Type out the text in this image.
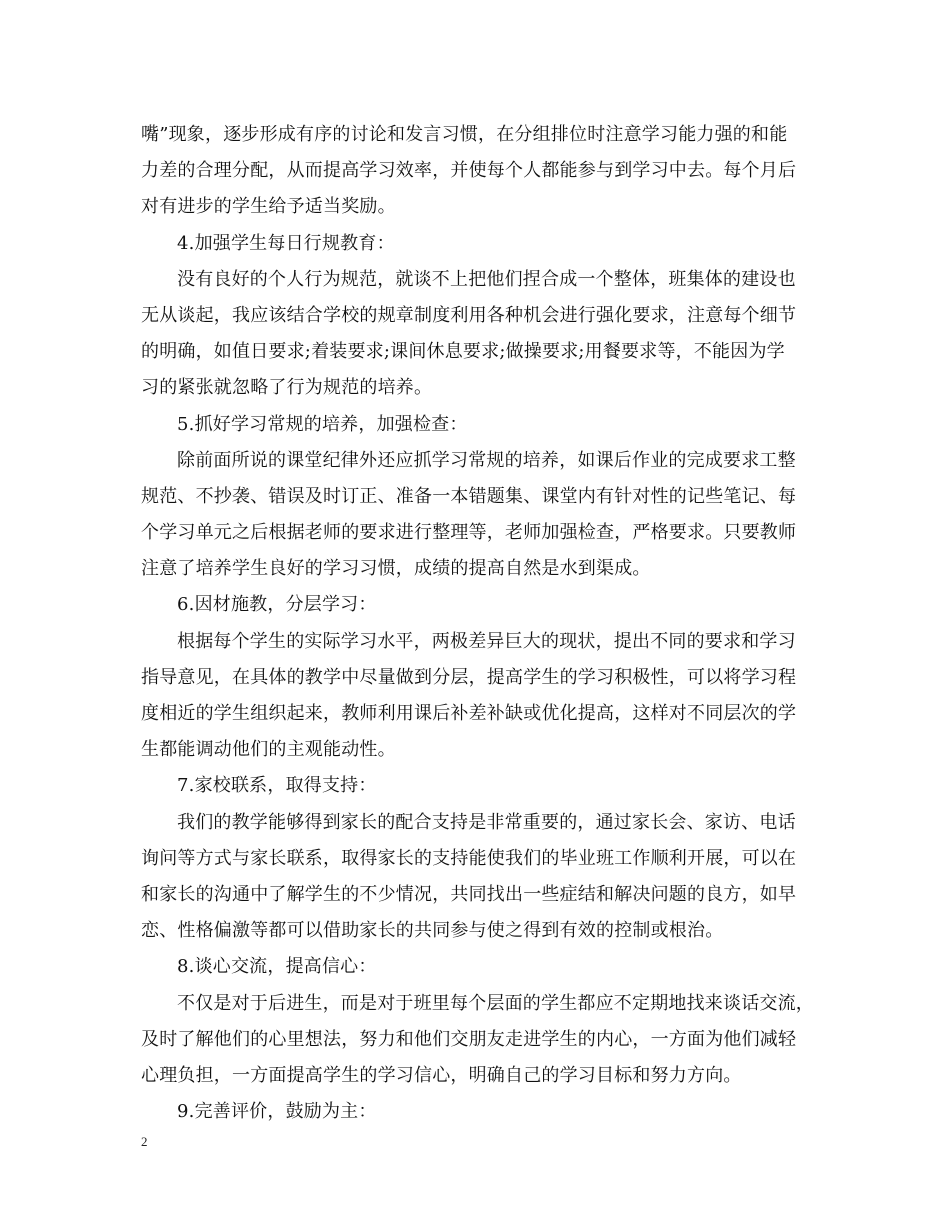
嘴”现象，逐步形成有序的讨论和发言习惯，在分组排位时注意学习能力强的和能
力差的合理分配，从而提高学习效率，并使每个人都能参与到学习中去。每个月后
对有进步的学生给予适当奖励。
4.加强学生每日行规教育：
没有良好的个人行为规范，就谈不上把他们捏合成一个整体，班集体的建设也
无从谈起，我应该结合学校的规章制度利用各种机会进行强化要求，注意每个细节
的明确，如值日要求;着装要求;课间休息要求;做操要求;用餐要求等，不能因为学
习的紧张就忽略了行为规范的培养。
5.抓好学习常规的培养，加强检查：
除前面所说的课堂纪律外还应抓学习常规的培养，如课后作业的完成要求工整
规范、不抄袭、错误及时订正、准备一本错题集、课堂内有针对性的记些笔记、每
个学习单元之后根据老师的要求进行整理等，老师加强检查，严格要求。只要教师
注意了培养学生良好的学习习惯，成绩的提高自然是水到渠成。
6.因材施教，分层学习：
根据每个学生的实际学习水平，两极差异巨大的现状，提出不同的要求和学习
指导意见，在具体的教学中尽量做到分层，提高学生的学习积极性，可以将学习程
度相近的学生组织起来，教师利用课后补差补缺或优化提高，这样对不同层次的学
生都能调动他们的主观能动性。
7.家校联系，取得支持：
我们的教学能够得到家长的配合支持是非常重要的，通过家长会、家访、电话
询问等方式与家长联系，取得家长的支持能使我们的毕业班工作顺利开展，可以在
和家长的沟通中了解学生的不少情况，共同找出一些症结和解决问题的良方，如早
恋、性格偏激等都可以借助家长的共同参与使之得到有效的控制或根治。
8.谈心交流，提高信心：
不仅是对于后进生，而是对于班里每个层面的学生都应不定期地找来谈话交流，
及时了解他们的心里想法，努力和他们交朋友走进学生的内心，一方面为他们减轻
心理负担，一方面提高学生的学习信心，明确自己的学习目标和努力方向。
9.完善评价，鼓励为主：
2
